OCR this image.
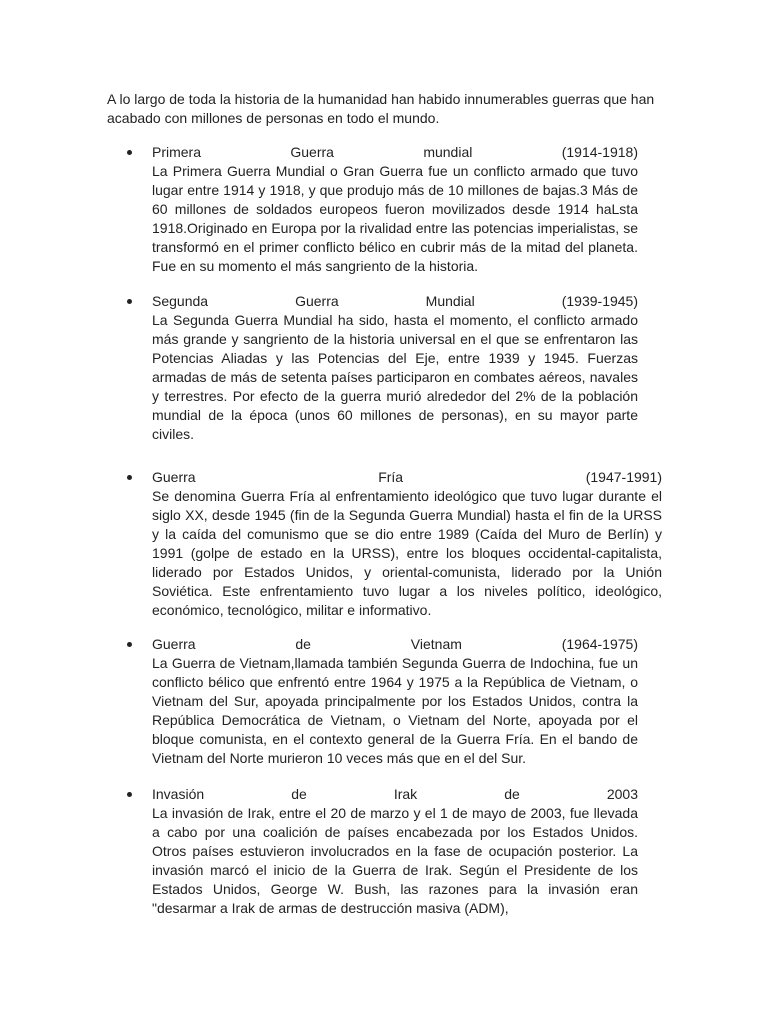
A lo largo de toda la historia de la humanidad han habido innumerables guerras que han acabado con millones de personas en todo el mundo.

Primera	Guerra	mundial	(1914-1918)

La Primera Guerra Mundial o Gran Guerra fue un conflicto armado que tuvo lugar entre 1914 y 1918, y que produjo más de 10 millones de bajas.3 Más de 60 millones de soldados europeos fueron movilizados desde 1914 haLsta 1918.Originado en Europa por la rivalidad entre las potencias imperialistas, se transformó en el primer conflicto bélico en cubrir más de la mitad del planeta. Fue en su momento el más sangriento de la historia.

Segunda	Guerra	Mundial	(1939-1945)

La Segunda Guerra Mundial ha sido, hasta el momento, el conflicto armado más grande y sangriento de la historia universal en el que se enfrentaron las Potencias Aliadas y las Potencias del Eje, entre 1939 y 1945. Fuerzas armadas de más de setenta países participaron en combates aéreos, navales y terrestres. Por efecto de la guerra murió alrededor del 2% de la población mundial de la época (unos 60 millones de personas), en su mayor parte civiles.

Guerra	Fría	(1947-1991)

Se denomina Guerra Fría al enfrentamiento ideológico que tuvo lugar durante el siglo XX, desde 1945 (fin de la Segunda Guerra Mundial) hasta el fin de la URSS y la caída del comunismo que se dio entre 1989 (Caída del Muro de Berlín) y 1991 (golpe de estado en la URSS), entre los bloques occidental-capitalista, liderado por Estados Unidos, y oriental-comunista, liderado por la Unión Soviética. Este enfrentamiento tuvo lugar a los niveles político, ideológico, económico, tecnológico, militar e informativo.

Guerra	de	Vietnam	(1964-1975)

La Guerra de Vietnam,llamada también Segunda Guerra de Indochina, fue un conflicto bélico que enfrentó entre 1964 y 1975 a la República de Vietnam, o Vietnam del Sur, apoyada principalmente por los Estados Unidos, contra la República Democrática de Vietnam, o Vietnam del Norte, apoyada por el bloque comunista, en el contexto general de la Guerra Fría. En el bando de Vietnam del Norte murieron 10 veces más que en el del Sur.

Invasión	de	Irak	de	2003

La invasión de Irak, entre el 20 de marzo y el 1 de mayo de 2003, fue llevada a cabo por una coalición de países encabezada por los Estados Unidos. Otros países estuvieron involucrados en la fase de ocupación posterior. La invasión marcó el inicio de la Guerra de Irak. Según el Presidente de los Estados Unidos, George W. Bush, las razones para la invasión eran "desarmar a Irak de armas de destrucción masiva (ADM),
